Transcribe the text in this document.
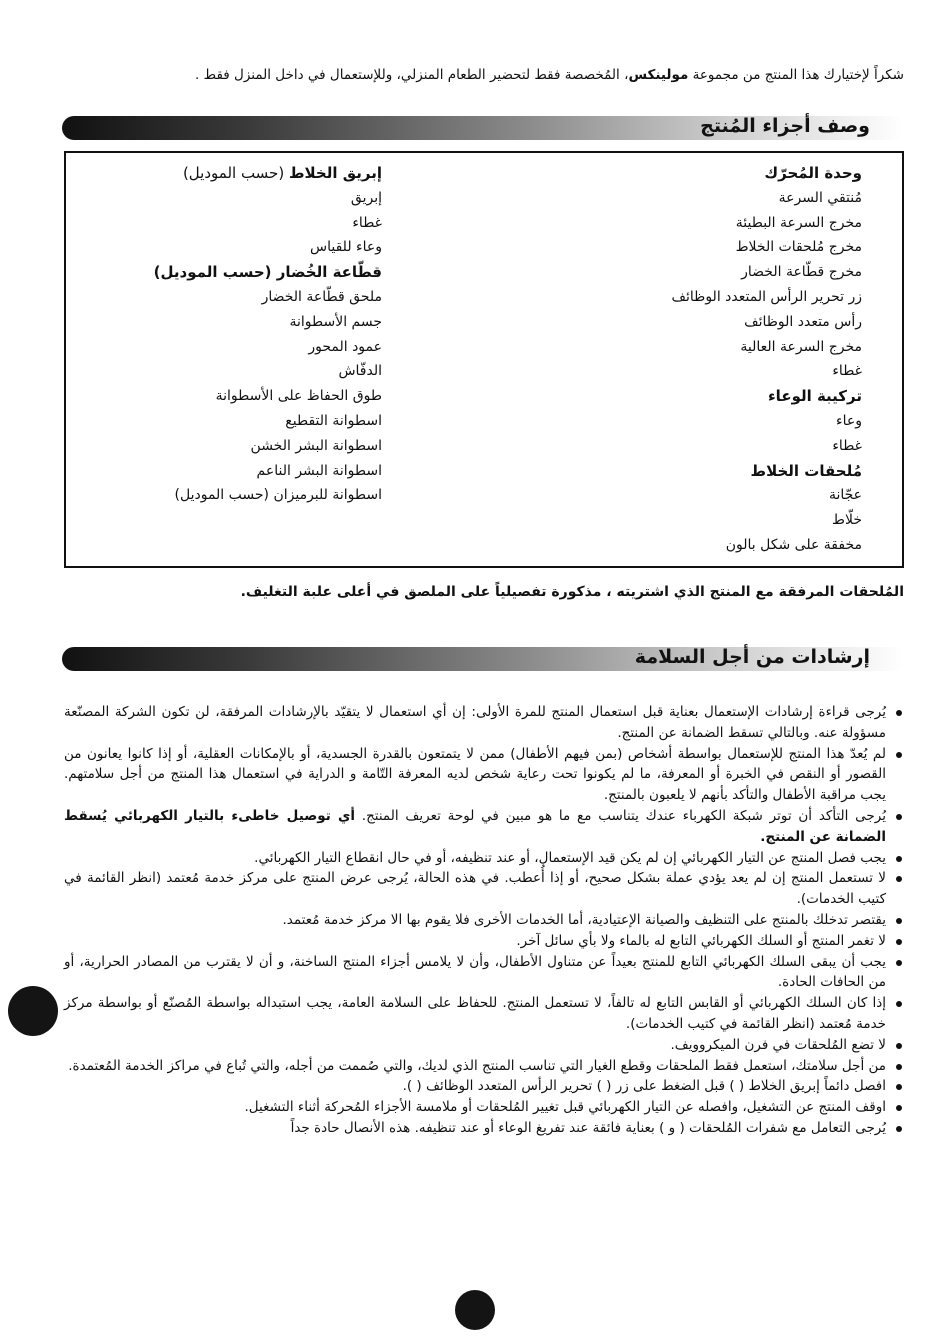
شكراً لإختيارك هذا المنتج من مجموعة مولينكس، المُخصصة فقط لتحضير الطعام المنزلي، وللإستعمال في داخل المنزل فقط .

وصف أجزاء المُنتج
وحدة المُحرّك
مُنتقي السرعة
مخرج السرعة البطيئة
مخرج مُلحقات الخلاط
مخرج قطّاعة الخضار
زر تحرير الرأس المتعدد الوظائف
رأس متعدد الوظائف
مخرج السرعة العالية
غطاء
تركيبة الوعاء
وعاء
غطاء
مُلحقات الخلاط
عجّانة
خلّاط
مخفقة على شكل بالون
إبريق الخلاط (حسب الموديل)
إبريق
غطاء
وعاء للقياس
قطّاعة الخُضار (حسب الموديل)
ملحق قطّاعة الخضار
جسم الأسطوانة
عمود المحور
الدفّاش
طوق الحفاظ على الأسطوانة
اسطوانة التقطيع
اسطوانة البشر الخشن
اسطوانة البشر الناعم
اسطوانة للبرميزان (حسب الموديل)
المُلحقات المرفقة مع المنتج الذي اشتريته ، مذكورة تفصيلياً على الملصق في أعلى علبة التغليف.
إرشادات من أجل السلامة
يُرجى قراءة إرشادات الإستعمال بعناية قبل استعمال المنتج للمرة الأولى: إن أي استعمال لا يتقيّد بالإرشادات المرفقة، لن تكون الشركة المصنّعة مسؤولة عنه. وبالتالي تسقط الضمانة عن المنتج.
لم يُعدّ هذا المنتج للإستعمال بواسطة أشخاص (بمن فيهم الأطفال) ممن لا يتمتعون بالقدرة الجسدية، أو بالإمكانات العقلية، أو إذا كانوا يعانون من القصور أو النقص في الخبرة أو المعرفة، ما لم يكونوا تحت رعاية شخص لديه المعرفة التّامة و الدراية في استعمال هذا المنتج من أجل سلامتهم. يجب مراقبة الأطفال والتأكد بأنهم لا يلعبون بالمنتج.
يُرجى التأكد أن توتر شبكة الكهرباء عندك يتناسب مع ما هو مبين في لوحة تعريف المنتج. أي توصيل خاطىء بالتيار الكهربائي يُسقط الضمانة عن المنتج.
يجب فصل المنتج عن التيار الكهربائي إن لم يكن قيد الإستعمال، أو عند تنظيفه، أو في حال انقطاع التيار الكهربائي.
لا تستعمل المنتج إن لم يعد يؤدي عملة بشكل صحيح، أو إذا أُعطب. في هذه الحالة، يُرجى عرض المنتج على مركز خدمة مُعتمد (انظر القائمة في كتيب الخدمات).
يقتصر تدخلك بالمنتج على التنظيف والصيانة الإعتيادية، أما الخدمات الأخرى فلا يقوم بها الا مركز خدمة مُعتمد.
لا تغمر المنتج أو السلك الكهربائي التابع له بالماء ولا بأي سائل آخر.
يجب أن يبقى السلك الكهربائي التابع للمنتج بعيداً عن متناول الأطفال، وأن لا يلامس أجزاء المنتج الساخنة، و أن لا يقترب من المصادر الحرارية، أو من الحافات الحادة.
إذا كان السلك الكهربائي أو القابس التابع له تالفاً، لا تستعمل المنتج. للحفاظ على السلامة العامة، يجب استبداله بواسطة المُصنّع أو بواسطة مركز خدمة مُعتمد (انظر القائمة في كتيب الخدمات).
لا تضع المُلحقات في فرن الميكروويف.
من أجل سلامتك، استعمل فقط الملحقات وقطع الغيار التي تناسب المنتج الذي لديك، والتي صُممت من أجله، والتي تُباع في مراكز الخدمة المُعتمدة.
افصل دائماً إبريق الخلاط ( ) قبل الضغط على زر ( ) تحرير الرأس المتعدد الوظائف ( ).
اوقف المنتج عن التشغيل، وافصله عن التيار الكهربائي قبل تغيير المُلحقات أو ملامسة الأجزاء المُحركة أثناء التشغيل.
يُرجى التعامل مع شفرات المُلحقات ( و ) بعناية فائقة عند تفريغ الوعاء أو عند تنظيفه. هذه الأنصال حادة جداً
